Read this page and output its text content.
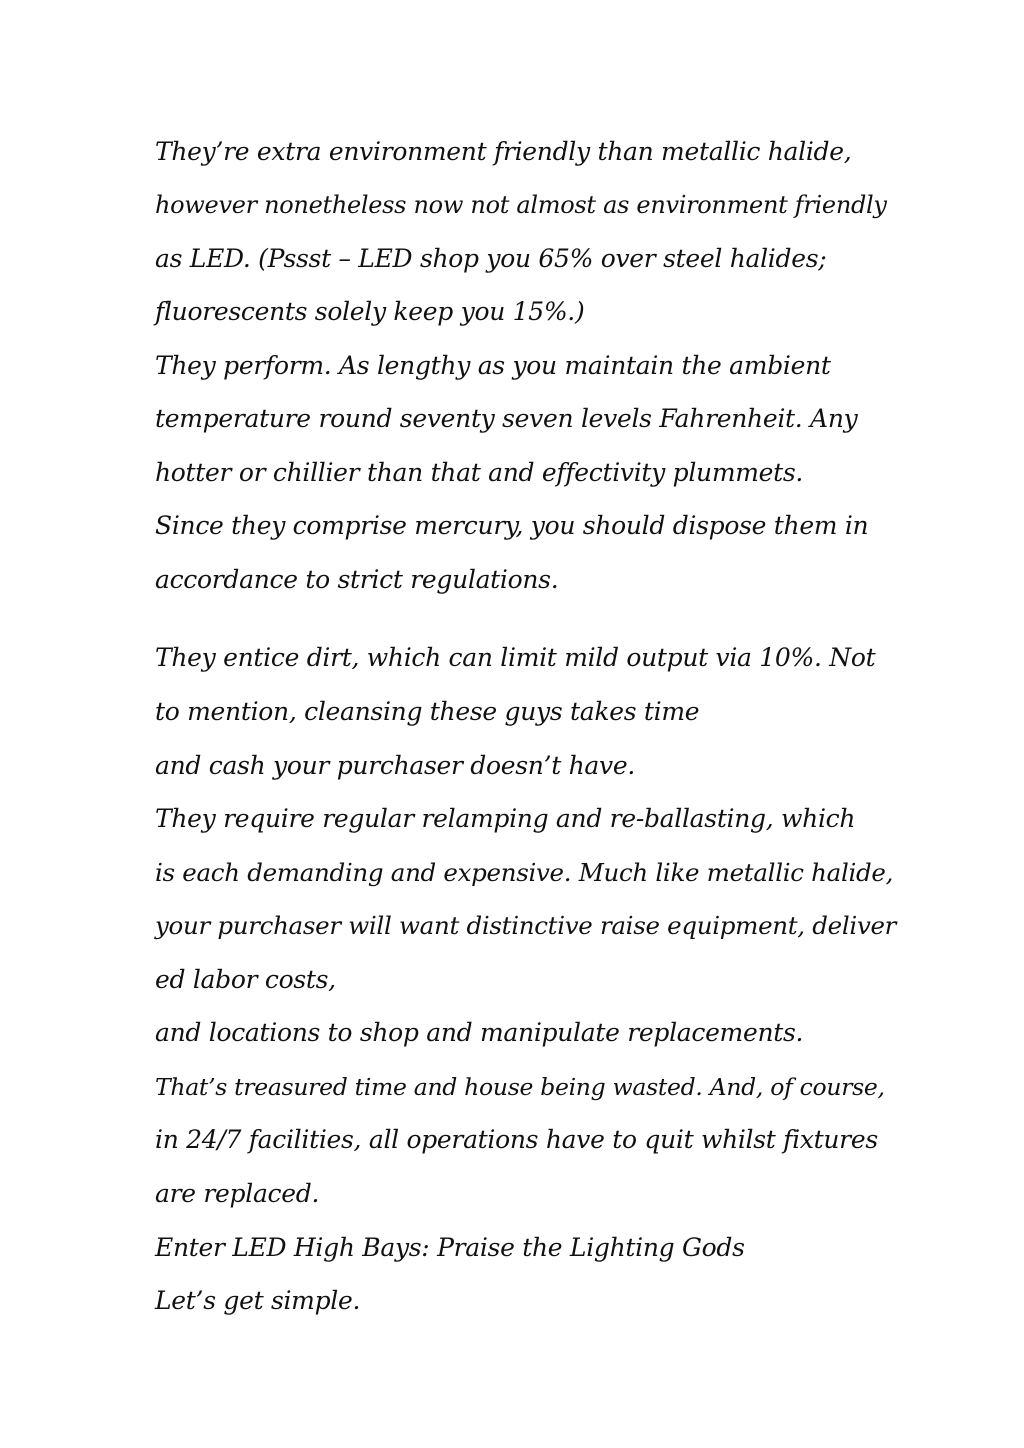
They’re extra environment friendly than metallic halide,
however nonetheless now not almost as environment friendly
as LED. (Pssst – LED shop you 65% over steel halides;
fluorescents solely keep you 15%.)
They perform. As lengthy as you maintain the ambient
temperature round seventy seven levels Fahrenheit. Any
hotter or chillier than that and effectivity plummets.
Since they comprise mercury, you should dispose them in
accordance to strict regulations.
They entice dirt, which can limit mild output via 10%. Not
to mention, cleansing these guys takes time
and cash your purchaser doesn’t have.
They require regular relamping and re-ballasting, which
is each demanding and expensive. Much like metallic halide,
your purchaser will want distinctive raise equipment, deliver
ed labor costs,
and locations to shop and manipulate replacements.
That’s treasured time and house being wasted. And, of course,
in 24/7 facilities, all operations have to quit whilst fixtures
are replaced.
Enter LED High Bays: Praise the Lighting Gods
Let’s get simple.
